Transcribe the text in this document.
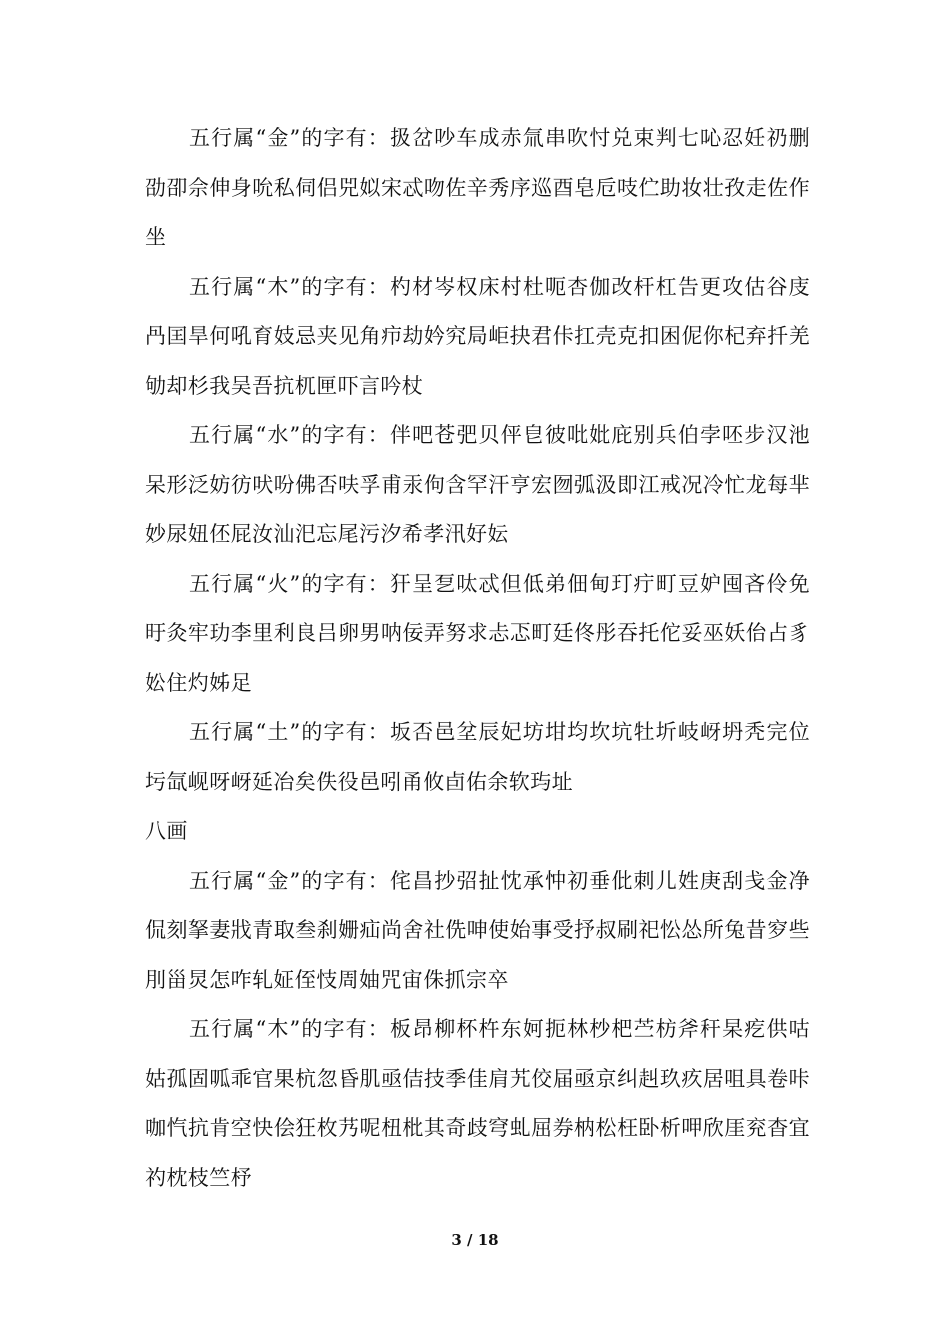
五行属“金”的字有：扱岔吵车成赤氚串吹忖兑束判七吣忍妊礽删劭卲佘伸身吮私伺侣兕姒宋忒吻佐辛秀序巡酉皂卮吱伫助妆壮孜走佐作坐

五行属“木”的字有：杓材岑权床村杜呃杏伽改杆杠告更攻估谷庋冎囯旱何吼育妓忌夹见角疖劫妗究局岠抉君佧扛壳克扣困伲你杞弃扦羌劬却杉我吴吾抗杌匣吓言吟杖

五行属“水”的字有：伴吧苍弝贝伻皀彼吡妣庇别兵伯孛呸步汉池呆形泛妨彷吠吩佛否呋孚甫汞佝含罕汗亨宏囫弧汲即江戒况冷忙龙每芈妙尿妞伾屁汝汕汜忘尾污汐希孝汛好妘

五行属“火”的字有：犴呈乭呔忒但低弟佃甸玎疔町豆妒囤吝伶免旴灸牢玏李里利良吕卵男呐佞弄努求忐忑町廷佟彤吞托佗妥巫妖佁占豸妐住灼姊足

五行属“土”的字有：坂否邑坌辰妃坊坩均坎坑牡圻岐岈坍秃完位圬氙岘呀岈延冶矣佚役邑吲甬攸卣佑余软玙址

八画

五行属“金”的字有：侘昌抄弨扯忱承忡初垂仳刺儿姓庚刮戋金净侃刻拏妻戕青取叁刹姗疝尚舍社侁呻使始事受抒叔刷祀忪怂所兔昔穸些刖甾炅怎咋轧姃侄忮周妯咒宙侏抓宗卒

五行属“木”的字有：板昂柳杯杵东妸扼林杪杷苎枋斧秆杲疙供咕姑孤固呱乖官果杭忽昏肌亟佶技季佳肩艽佼届亟京纠赳玖疚居咀具卷咔咖忾抗肯空快侩狂枚艿呢杻枇其奇歧穹虬屈券枘松枉卧析呷欣厓兖杳宜礿枕枝竺杼

3 / 18
